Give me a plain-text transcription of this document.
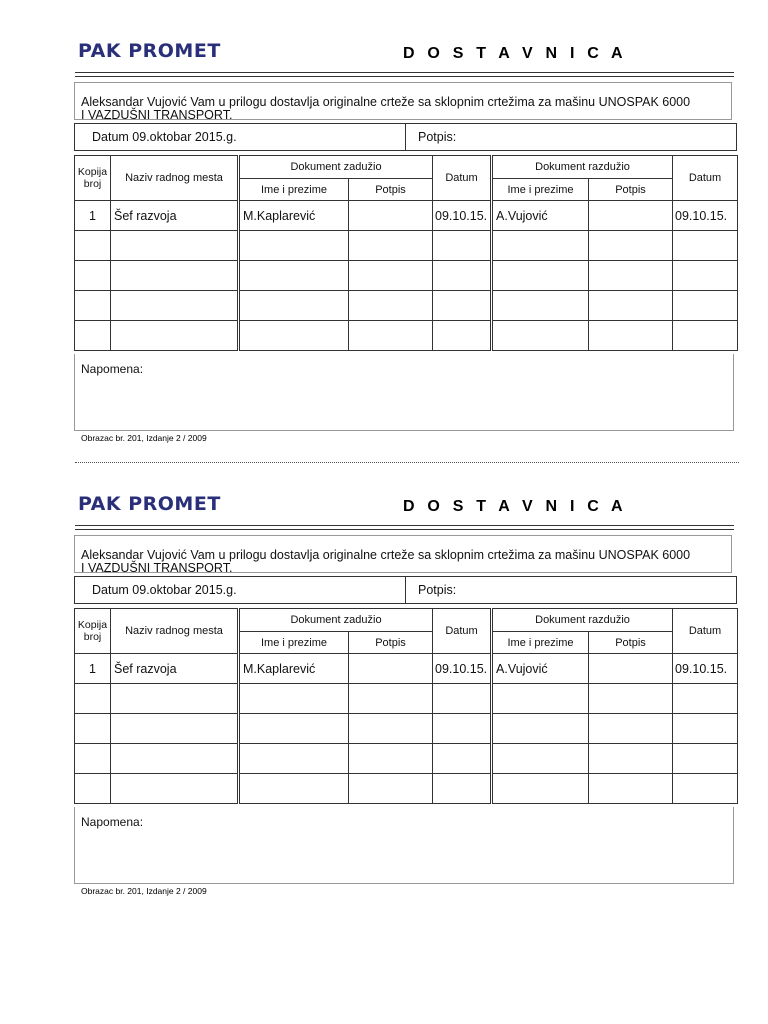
PAK PROMET	D O S T A V N I C A
Aleksandar Vujović Vam u prilogu dostavlja originalne crteže sa sklopnim crtežima za mašinu UNOSPAK 6000
I VAZDUŠNI TRANSPORT.
Datum 09.oktobar 2015.g.	Potpis:
Kopija broj	Naziv radnog mesta	Dokument zadužio		Datum	Dokument razdužio		Datum
		Ime i prezime	Potpis		Ime i prezime	Potpis	
1	Šef razvoja	M.Kaplarević		09.10.15.	A.Vujović		09.10.15.

Napomena:
Obrazac br. 201, Izdanje 2 / 2009
PAK PROMET	D O S T A V N I C A
Aleksandar Vujović Vam u prilogu dostavlja originalne crteže sa sklopnim crtežima za mašinu UNOSPAK 6000
I VAZDUŠNI TRANSPORT.
Datum 09.oktobar 2015.g.	Potpis:
Kopija broj	Naziv radnog mesta	Dokument zadužio		Datum	Dokument razdužio		Datum
		Ime i prezime	Potpis		Ime i prezime	Potpis	
1	Šef razvoja	M.Kaplarević		09.10.15.	A.Vujović		09.10.15.

Napomena:
Obrazac br. 201, Izdanje 2 / 2009
